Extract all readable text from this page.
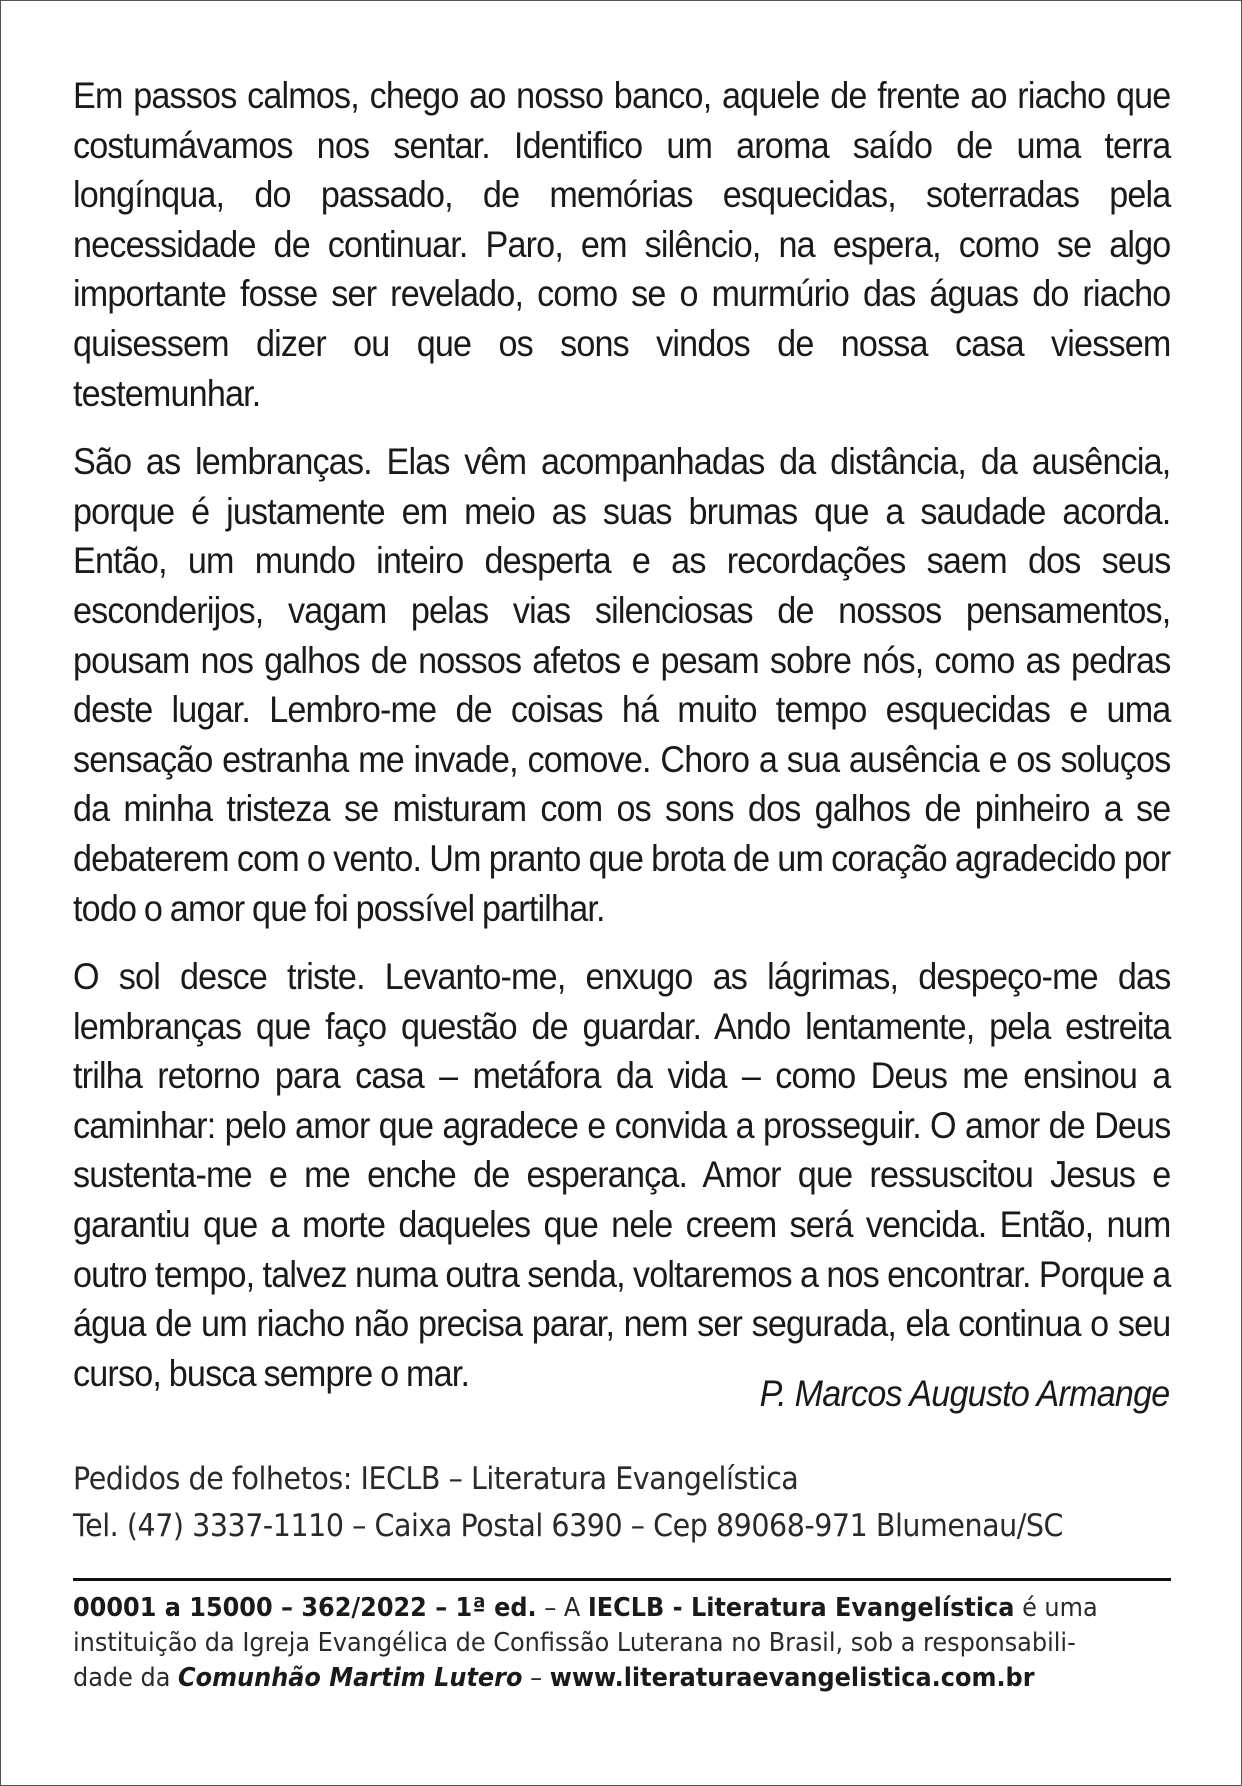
Em passos calmos, chego ao nosso banco, aquele de frente ao riacho que costumávamos nos sentar. Identifico um aroma saído de uma terra longínqua, do passado, de memórias esquecidas, soterradas pela necessidade de continuar. Paro, em silêncio, na espera, como se algo importante fosse ser revelado, como se o murmúrio das águas do riacho quisessem dizer ou que os sons vindos de nossa casa viessem testemunhar.

São as lembranças. Elas vêm acompanhadas da distância, da ausência, porque é justamente em meio as suas brumas que a saudade acorda. Então, um mundo inteiro desperta e as recordações saem dos seus esconderijos, vagam pelas vias silenciosas de nossos pensamentos, pousam nos galhos de nossos afetos e pesam sobre nós, como as pedras deste lugar. Lembro-me de coisas há muito tempo esquecidas e uma sensação estranha me invade, comove. Choro a sua ausência e os soluços da minha tristeza se misturam com os sons dos galhos de pinheiro a se debaterem com o vento. Um pranto que brota de um coração agradecido por todo o amor que foi possível partilhar.

O sol desce triste. Levanto-me, enxugo as lágrimas, despeço-me das lembranças que faço questão de guardar. Ando lentamente, pela estreita trilha retorno para casa – metáfora da vida – como Deus me ensinou a caminhar: pelo amor que agradece e convida a prosseguir. O amor de Deus sustenta-me e me enche de esperança. Amor que ressuscitou Jesus e garantiu que a morte daqueles que nele creem será vencida. Então, num outro tempo, talvez numa outra senda, voltaremos a nos encontrar. Porque a água de um riacho não precisa parar, nem ser segurada, ela continua o seu curso, busca sempre o mar.	P. Marcos Augusto Armange
Pedidos de folhetos: IECLB – Literatura Evangelística
Tel. (47) 3337-1110 – Caixa Postal 6390 – Cep 89068-971 Blumenau/SC
00001 a 15000 – 362/2022 – 1ª ed. – A IECLB - Literatura Evangelística é uma
instituição da Igreja Evangélica de Confissão Luterana no Brasil, sob a responsabili-
dade da Comunhão Martim Lutero – www.literaturaevangelistica.com.br
